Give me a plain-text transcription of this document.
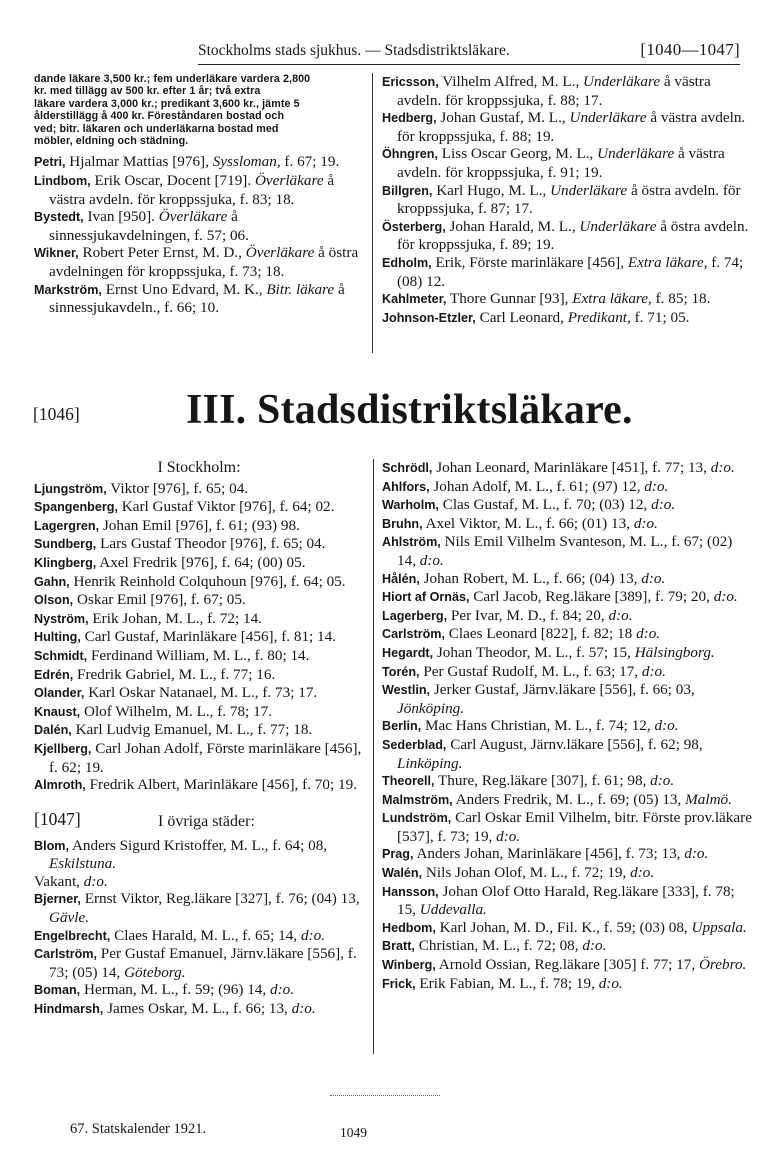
Stockholms stads sjukhus. — Stadsdistriktsläkare.	[1040—1047]

dande läkare 3,500 kr.; fem underläkare vardera 2,800

kr. med tillägg av 500 kr. efter 1 år; två extra

läkare vardera 3,000 kr.; predikant 3,600 kr., jämte 5

ålderstillägg å 400 kr. Föreståndaren bostad och

ved; bitr. läkaren och underläkarna bostad med

möbler, eldning och städning.

Petri, Hjalmar Mattias [976], Syssloman, f. 67; 19.

Lindbom, Erik Oscar, Docent [719]. Överläkare å västra avdeln. för kroppssjuka, f. 83; 18.

Bystedt, Ivan [950]. Överläkare å sinnessjukavdelningen, f. 57; 06.

Wikner, Robert Peter Ernst, M. D., Överläkare å östra avdelningen för kroppssjuka, f. 73; 18.

Markström, Ernst Uno Edvard, M. K., Bitr. läkare å sinnessjukavdeln., f. 66; 10.

Ericsson, Vilhelm Alfred, M. L., Underläkare å västra avdeln. för kroppssjuka, f. 88; 17.

Hedberg, Johan Gustaf, M. L., Underläkare å västra avdeln. för kroppssjuka, f. 88; 19.

Öhngren, Liss Oscar Georg, M. L., Underläkare å västra avdeln. för kroppssjuka, f. 91; 19.

Billgren, Karl Hugo, M. L., Underläkare å östra avdeln. för kroppssjuka, f. 87; 17.

Österberg, Johan Harald, M. L., Underläkare å östra avdeln. för kroppssjuka, f. 89; 19.

Edholm, Erik, Förste marinläkare [456], Extra läkare, f. 74; (08) 12.

Kahlmeter, Thore Gunnar [93], Extra läkare, f. 85; 18.

Johnson-Etzler, Carl Leonard, Predikant, f. 71; 05.

[1046]	III. Stadsdistriktsläkare.

I Stockholm:

Ljungström, Viktor [976], f. 65; 04.

Spangenberg, Karl Gustaf Viktor [976], f. 64; 02.

Lagergren, Johan Emil [976], f. 61; (93) 98.

Sundberg, Lars Gustaf Theodor [976], f. 65; 04.

Klingberg, Axel Fredrik [976], f. 64; (00) 05.

Gahn, Henrik Reinhold Colquhoun [976], f. 64; 05.

Olson, Oskar Emil [976], f. 67; 05.

Nyström, Erik Johan, M. L., f. 72; 14.

Hulting, Carl Gustaf, Marinläkare [456], f. 81; 14.

Schmidt, Ferdinand William, M. L., f. 80; 14.

Edrén, Fredrik Gabriel, M. L., f. 77; 16.

Olander, Karl Oskar Natanael, M. L., f. 73; 17.

Knaust, Olof Wilhelm, M. L., f. 78; 17.

Dalén, Karl Ludvig Emanuel, M. L., f. 77; 18.

Kjellberg, Carl Johan Adolf, Förste marinläkare [456], f. 62; 19.

Almroth, Fredrik Albert, Marinläkare [456], f. 70; 19.

[1047]	I övriga städer:

Blom, Anders Sigurd Kristoffer, M. L., f. 64; 08, Eskilstuna.

Vakant, d:o.

Bjerner, Ernst Viktor, Reg.läkare [327], f. 76; (04) 13, Gävle.

Engelbrecht, Claes Harald, M. L., f. 65; 14, d:o.

Carlström, Per Gustaf Emanuel, Järnv.läkare [556], f. 73; (05) 14, Göteborg.

Boman, Herman, M. L., f. 59; (96) 14, d:o.

Hindmarsh, James Oskar, M. L., f. 66; 13, d:o.

Schrödl, Johan Leonard, Marinläkare [451], f. 77; 13, d:o.

Ahlfors, Johan Adolf, M. L., f. 61; (97) 12, d:o.

Warholm, Clas Gustaf, M. L., f. 70; (03) 12, d:o.

Bruhn, Axel Viktor, M. L., f. 66; (01) 13, d:o.

Ahlström, Nils Emil Vilhelm Svanteson, M. L., f. 67; (02) 14, d:o.

Hålén, Johan Robert, M. L., f. 66; (04) 13, d:o.

Hiort af Ornäs, Carl Jacob, Reg.läkare [389], f. 79; 20, d:o.

Lagerberg, Per Ivar, M. D., f. 84; 20, d:o.

Carlström, Claes Leonard [822], f. 82; 18 d:o.

Hegardt, Johan Theodor, M. L., f. 57; 15, Hälsingborg.

Torén, Per Gustaf Rudolf, M. L., f. 63; 17, d:o.

Westlin, Jerker Gustaf, Järnv.läkare [556], f. 66; 03, Jönköping.

Berlin, Mac Hans Christian, M. L., f. 74; 12, d:o.

Sederblad, Carl August, Järnv.läkare [556], f. 62; 98, Linköping.

Theorell, Thure, Reg.läkare [307], f. 61; 98, d:o.

Malmström, Anders Fredrik, M. L., f. 69; (05) 13, Malmö.

Lundström, Carl Oskar Emil Vilhelm, bitr. Förste prov.läkare [537], f. 73; 19, d:o.

Prag, Anders Johan, Marinläkare [456], f. 73; 13, d:o.

Walén, Nils Johan Olof, M. L., f. 72; 19, d:o.

Hansson, Johan Olof Otto Harald, Reg.läkare [333], f. 78; 15, Uddevalla.

Hedbom, Karl Johan, M. D., Fil. K., f. 59; (03) 08, Uppsala.

Bratt, Christian, M. L., f. 72; 08, d:o.

Winberg, Arnold Ossian, Reg.läkare [305] f. 77; 17, Örebro.

Frick, Erik Fabian, M. L., f. 78; 19, d:o.

67. Statskalender 1921.	1049
